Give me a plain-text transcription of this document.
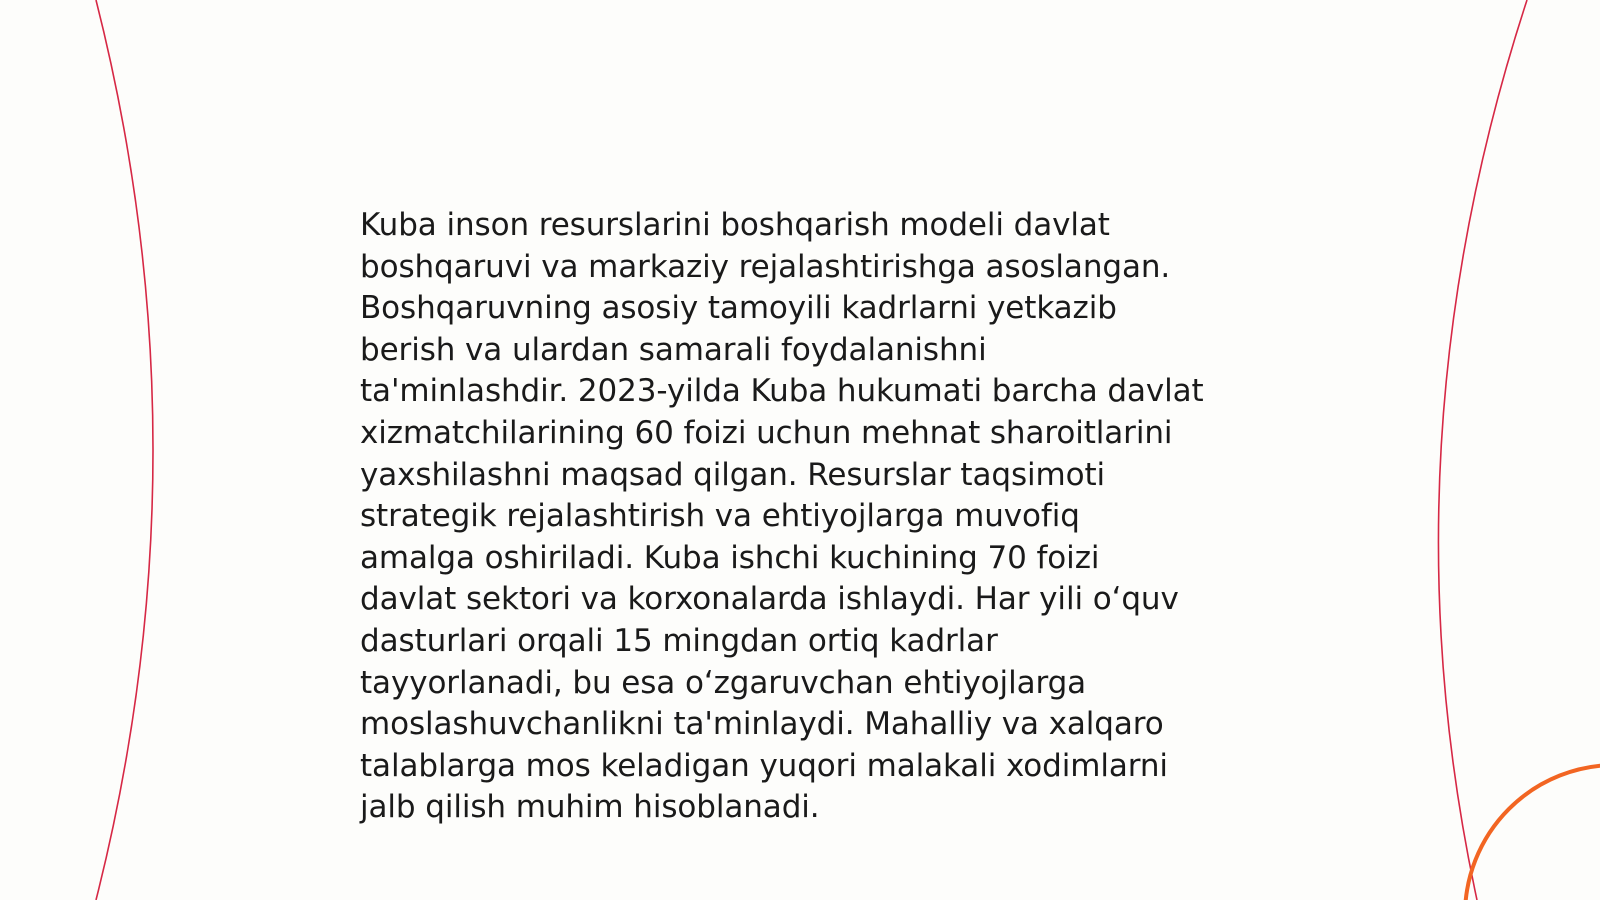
Kuba inson resurslarini boshqarish modeli davlat
boshqaruvi va markaziy rejalashtirishga asoslangan.
Boshqaruvning asosiy tamoyili kadrlarni yetkazib
berish va ulardan samarali foydalanishni
ta'minlashdir. 2023-yilda Kuba hukumati barcha davlat
xizmatchilarining 60 foizi uchun mehnat sharoitlarini
yaxshilashni maqsad qilgan. Resurslar taqsimoti
strategik rejalashtirish va ehtiyojlarga muvofiq
amalga oshiriladi. Kuba ishchi kuchining 70 foizi
davlat sektori va korxonalarda ishlaydi. Har yili o‘quv
dasturlari orqali 15 mingdan ortiq kadrlar
tayyorlanadi, bu esa o‘zgaruvchan ehtiyojlarga
moslashuvchanlikni ta'minlaydi. Mahalliy va xalqaro
talablarga mos keladigan yuqori malakali xodimlarni
jalb qilish muhim hisoblanadi.
